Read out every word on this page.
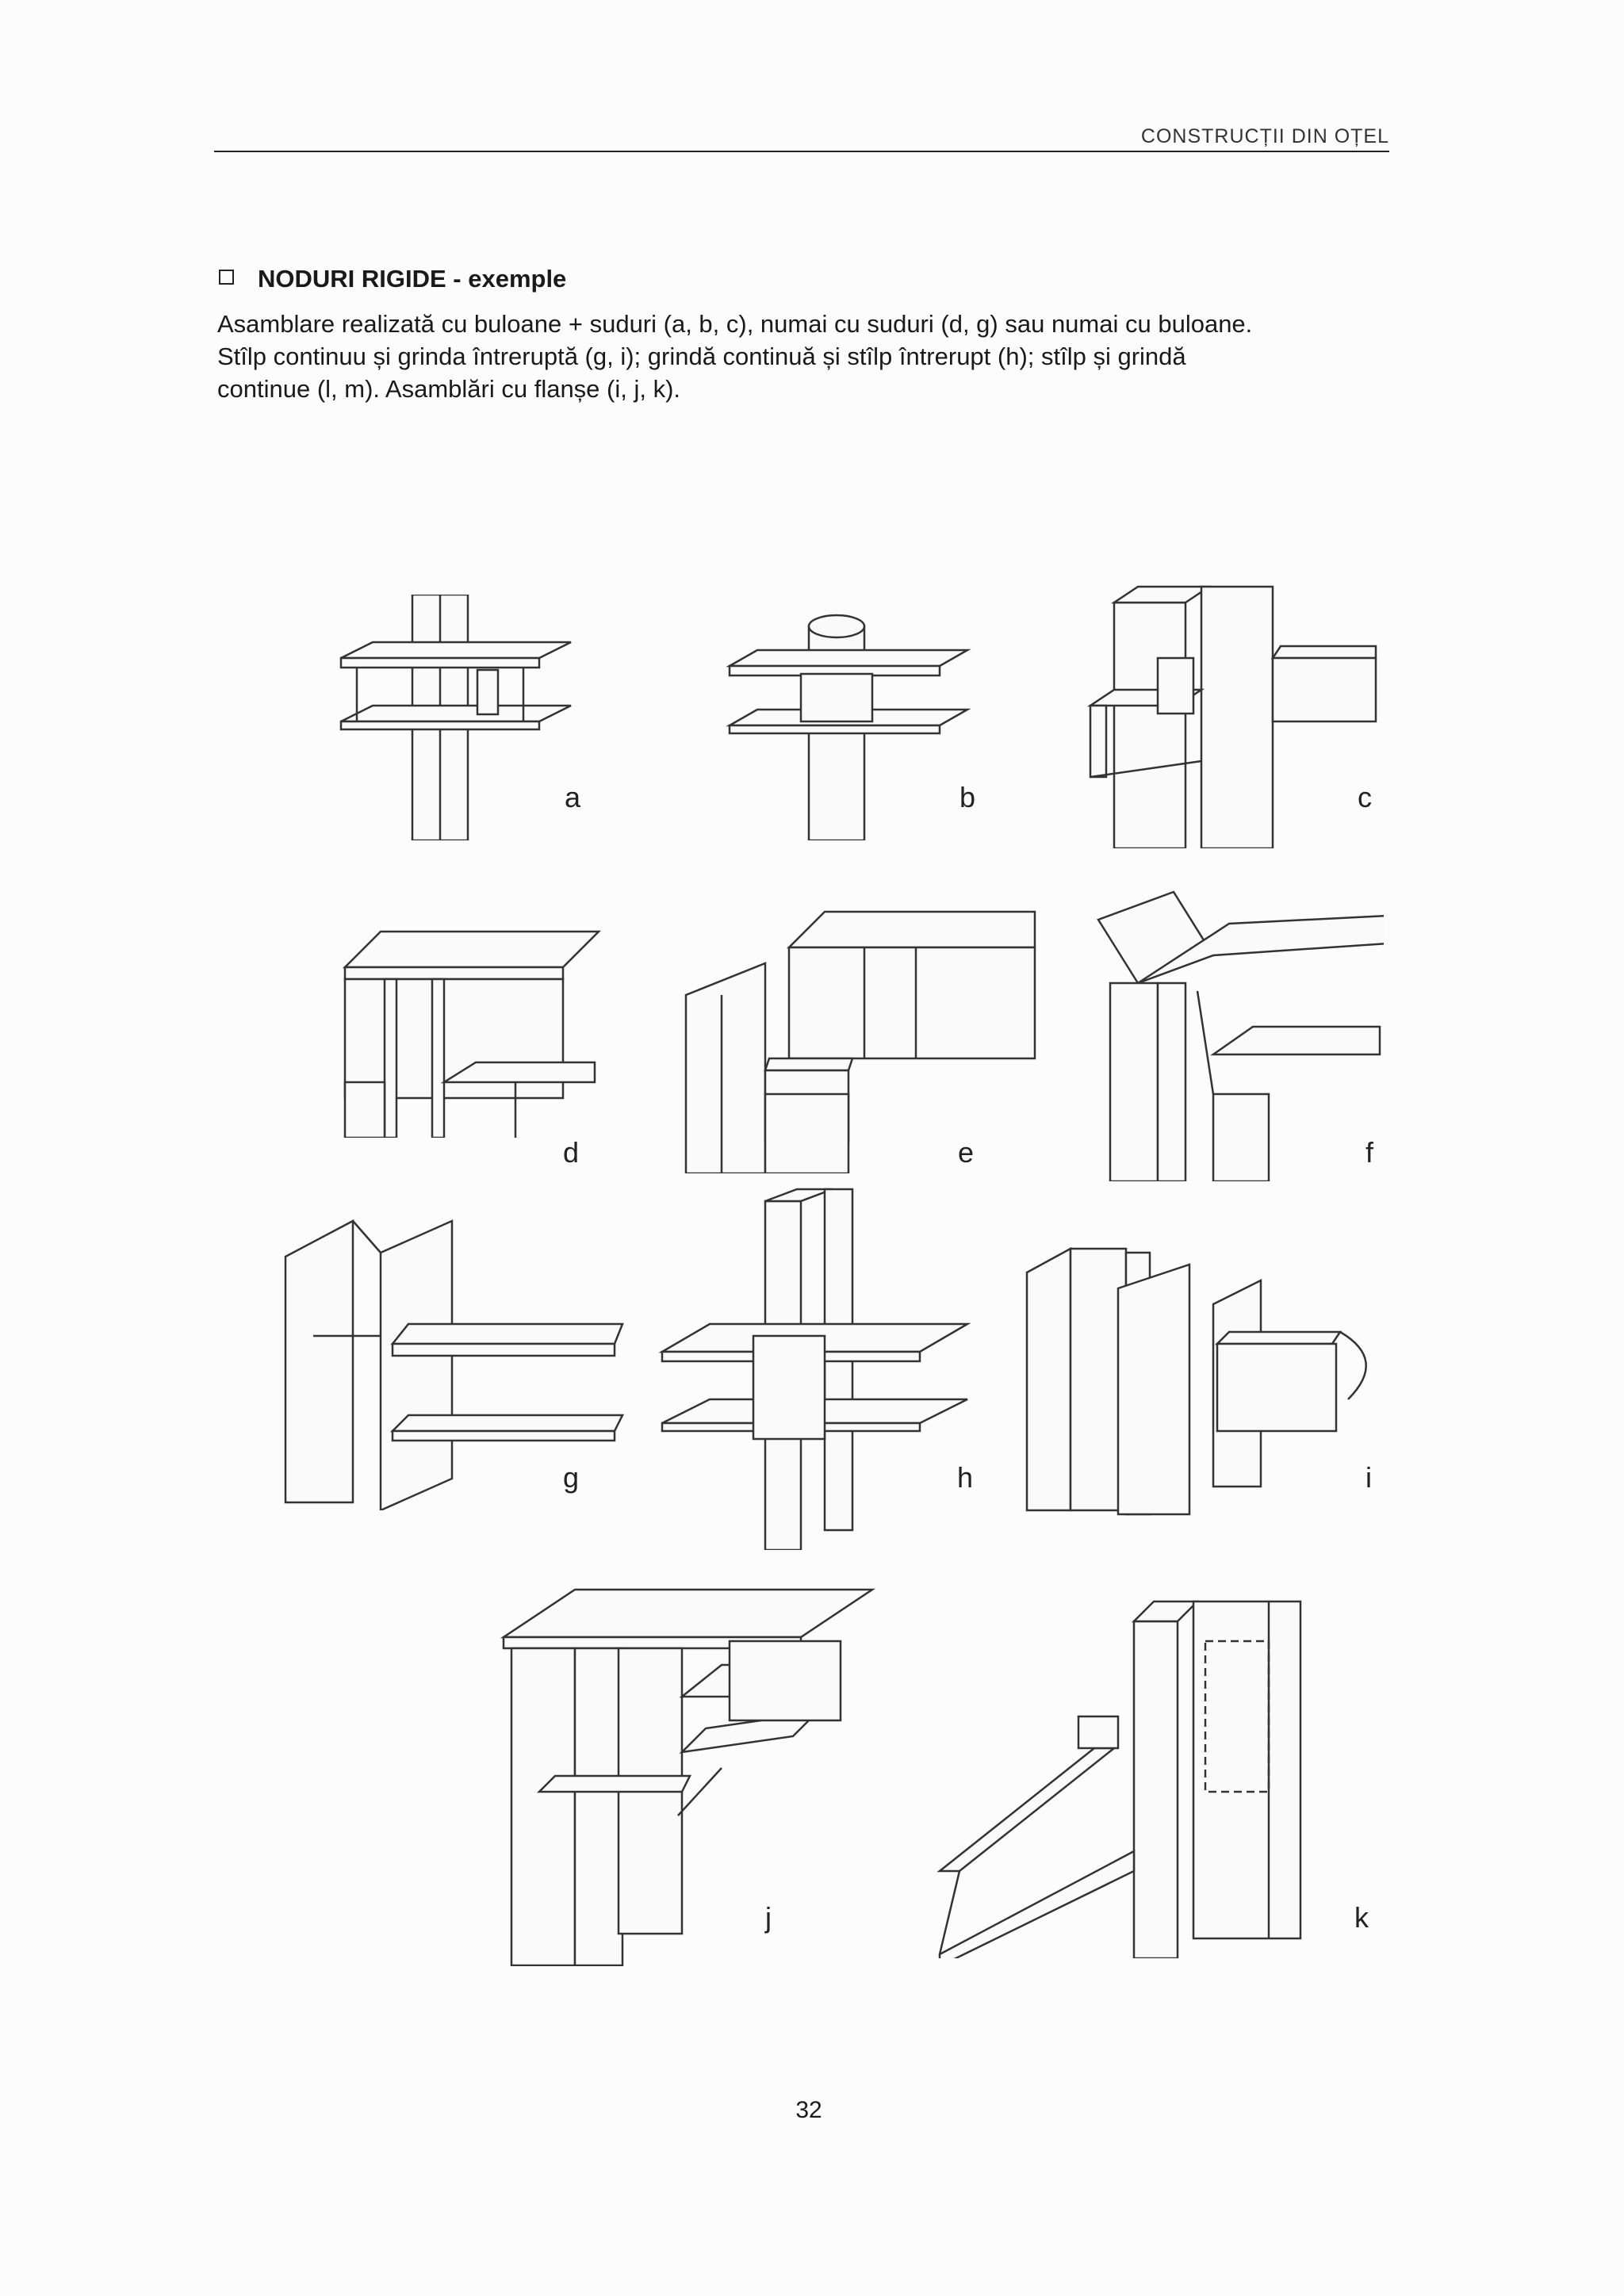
CONSTRUCȚII DIN OȚEL
NODURI RIGIDE - exemple

Asamblare realizată cu buloane + suduri (a, b, c), numai cu suduri (d, g) sau numai cu buloane.

Stîlp continuu și grinda întreruptă (g, i); grindă continuă și stîlp întrerupt (h); stîlp și grindă

continue (l, m). Asamblări cu flanșe (i, j, k).

a	b	c
d	e	f
g	h	i
j	k
32
